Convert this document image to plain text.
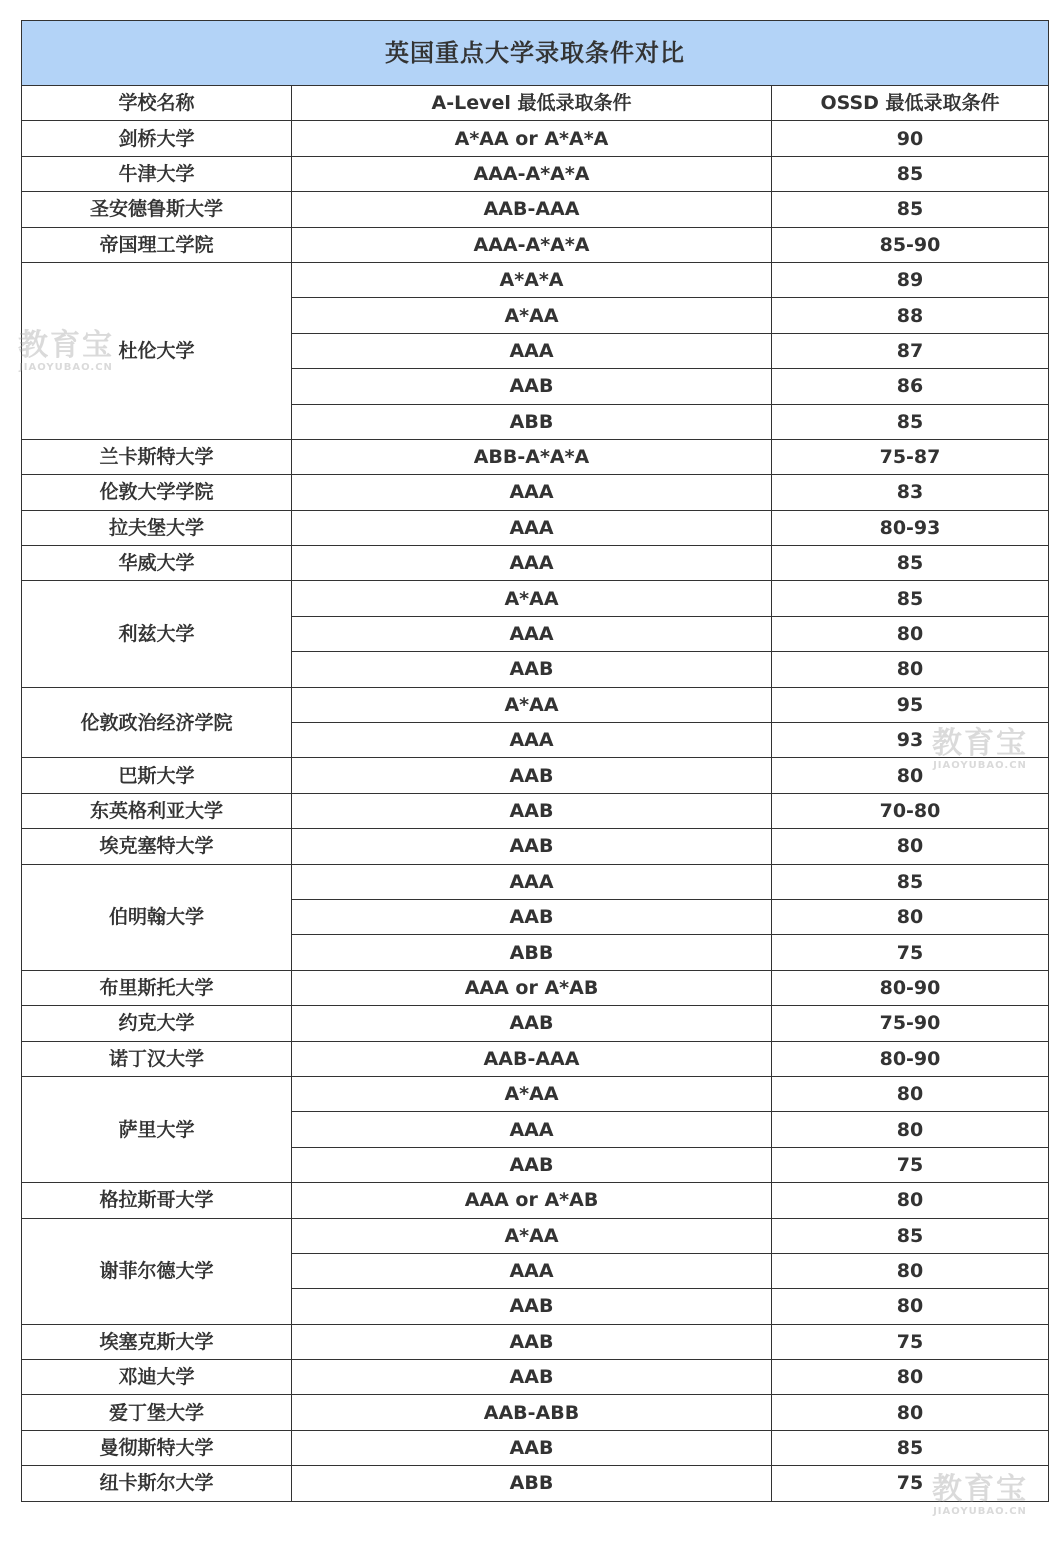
英国重点大学录取条件对比		
学校名称	A-Level 最低录取条件	OSSD 最低录取条件
剑桥大学	A*AA or A*A*A	90
牛津大学	AAA-A*A*A	85
圣安德鲁斯大学	AAB-AAA	85
帝国理工学院	AAA-A*A*A	85-90
杜伦大学	A*A*A	89
	A*AA	88
	AAA	87
	AAB	86
	ABB	85
兰卡斯特大学	ABB-A*A*A	75-87
伦敦大学学院	AAA	83
拉夫堡大学	AAA	80-93
华威大学	AAA	85
利兹大学	A*AA	85
	AAA	80
	AAB	80
伦敦政治经济学院	A*AA	95
	AAA	93
巴斯大学	AAB	80
东英格利亚大学	AAB	70-80
埃克塞特大学	AAB	80
伯明翰大学	AAA	85
	AAB	80
	ABB	75
布里斯托大学	AAA or A*AB	80-90
约克大学	AAB	75-90
诺丁汉大学	AAB-AAA	80-90
萨里大学	A*AA	80
	AAA	80
	AAB	75
格拉斯哥大学	AAA or A*AB	80
谢菲尔德大学	A*AA	85
	AAA	80
	AAB	80
埃塞克斯大学	AAB	75
邓迪大学	AAB	80
爱丁堡大学	AAB-ABB	80
曼彻斯特大学	AAB	85
纽卡斯尔大学	ABB	75
教育宝
JIAOYUBAO.CN
教育宝
JIAOYUBAO.CN
教育宝
JIAOYUBAO.CN
